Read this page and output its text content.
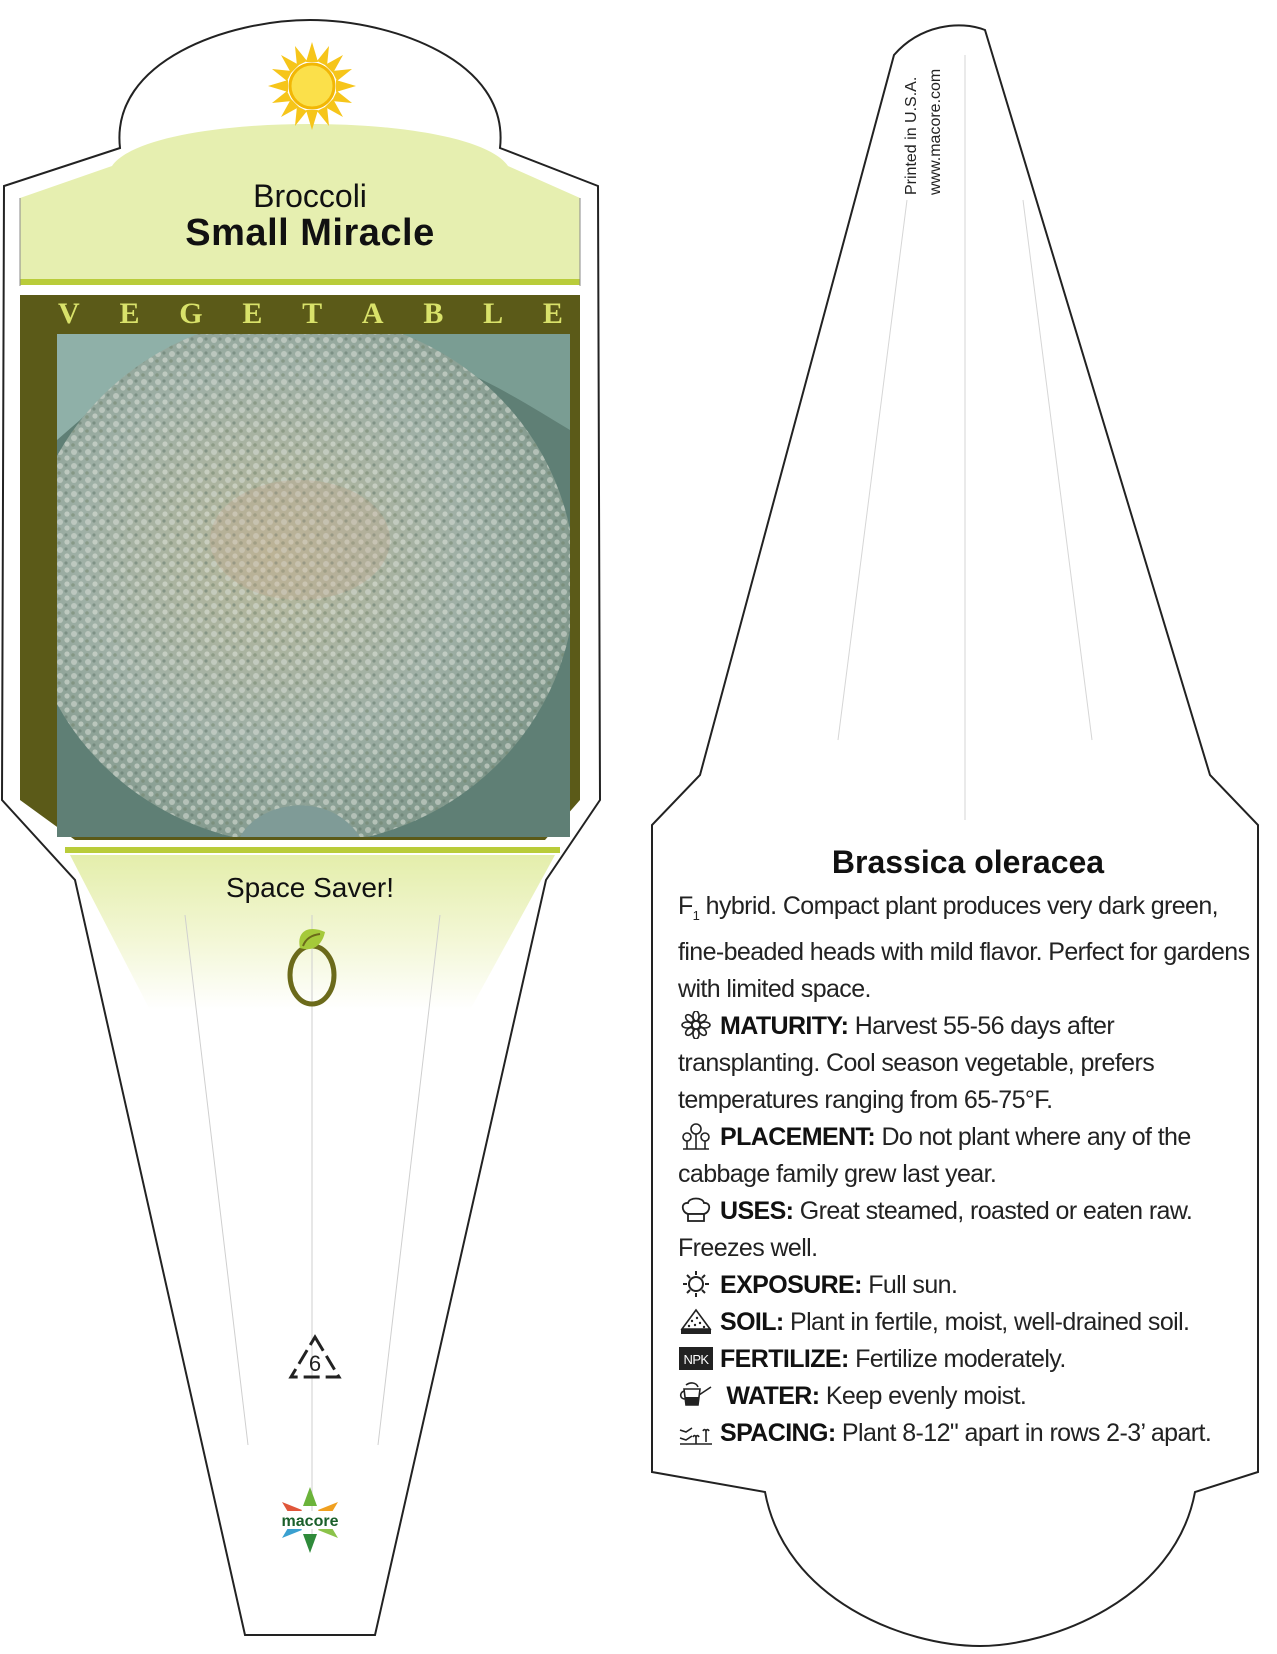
Broccoli
Small Miracle
V E G E T A B L E
Space Saver!
6
macore
Printed in U.S.A. www.macore.com
Brassica oleracea

$F_1$ hybrid. Compact plant produces very dark green, fine-beaded heads with mild flavor. Perfect for gardens with limited space.

MATURITY: Harvest 55-56 days after transplanting. Cool season vegetable, prefers temperatures ranging from 65-75°F.

PLACEMENT: Do not plant where any of the cabbage family grew last year.

USES: Great steamed, roasted or eaten raw. Freezes well.

EXPOSURE: Full sun.

SOIL: Plant in fertile, moist, well-drained soil.

NPK FERTILIZE: Fertilize moderately.

WATER: Keep evenly moist.

SPACING: Plant 8-12" apart in rows 2-3’ apart.
